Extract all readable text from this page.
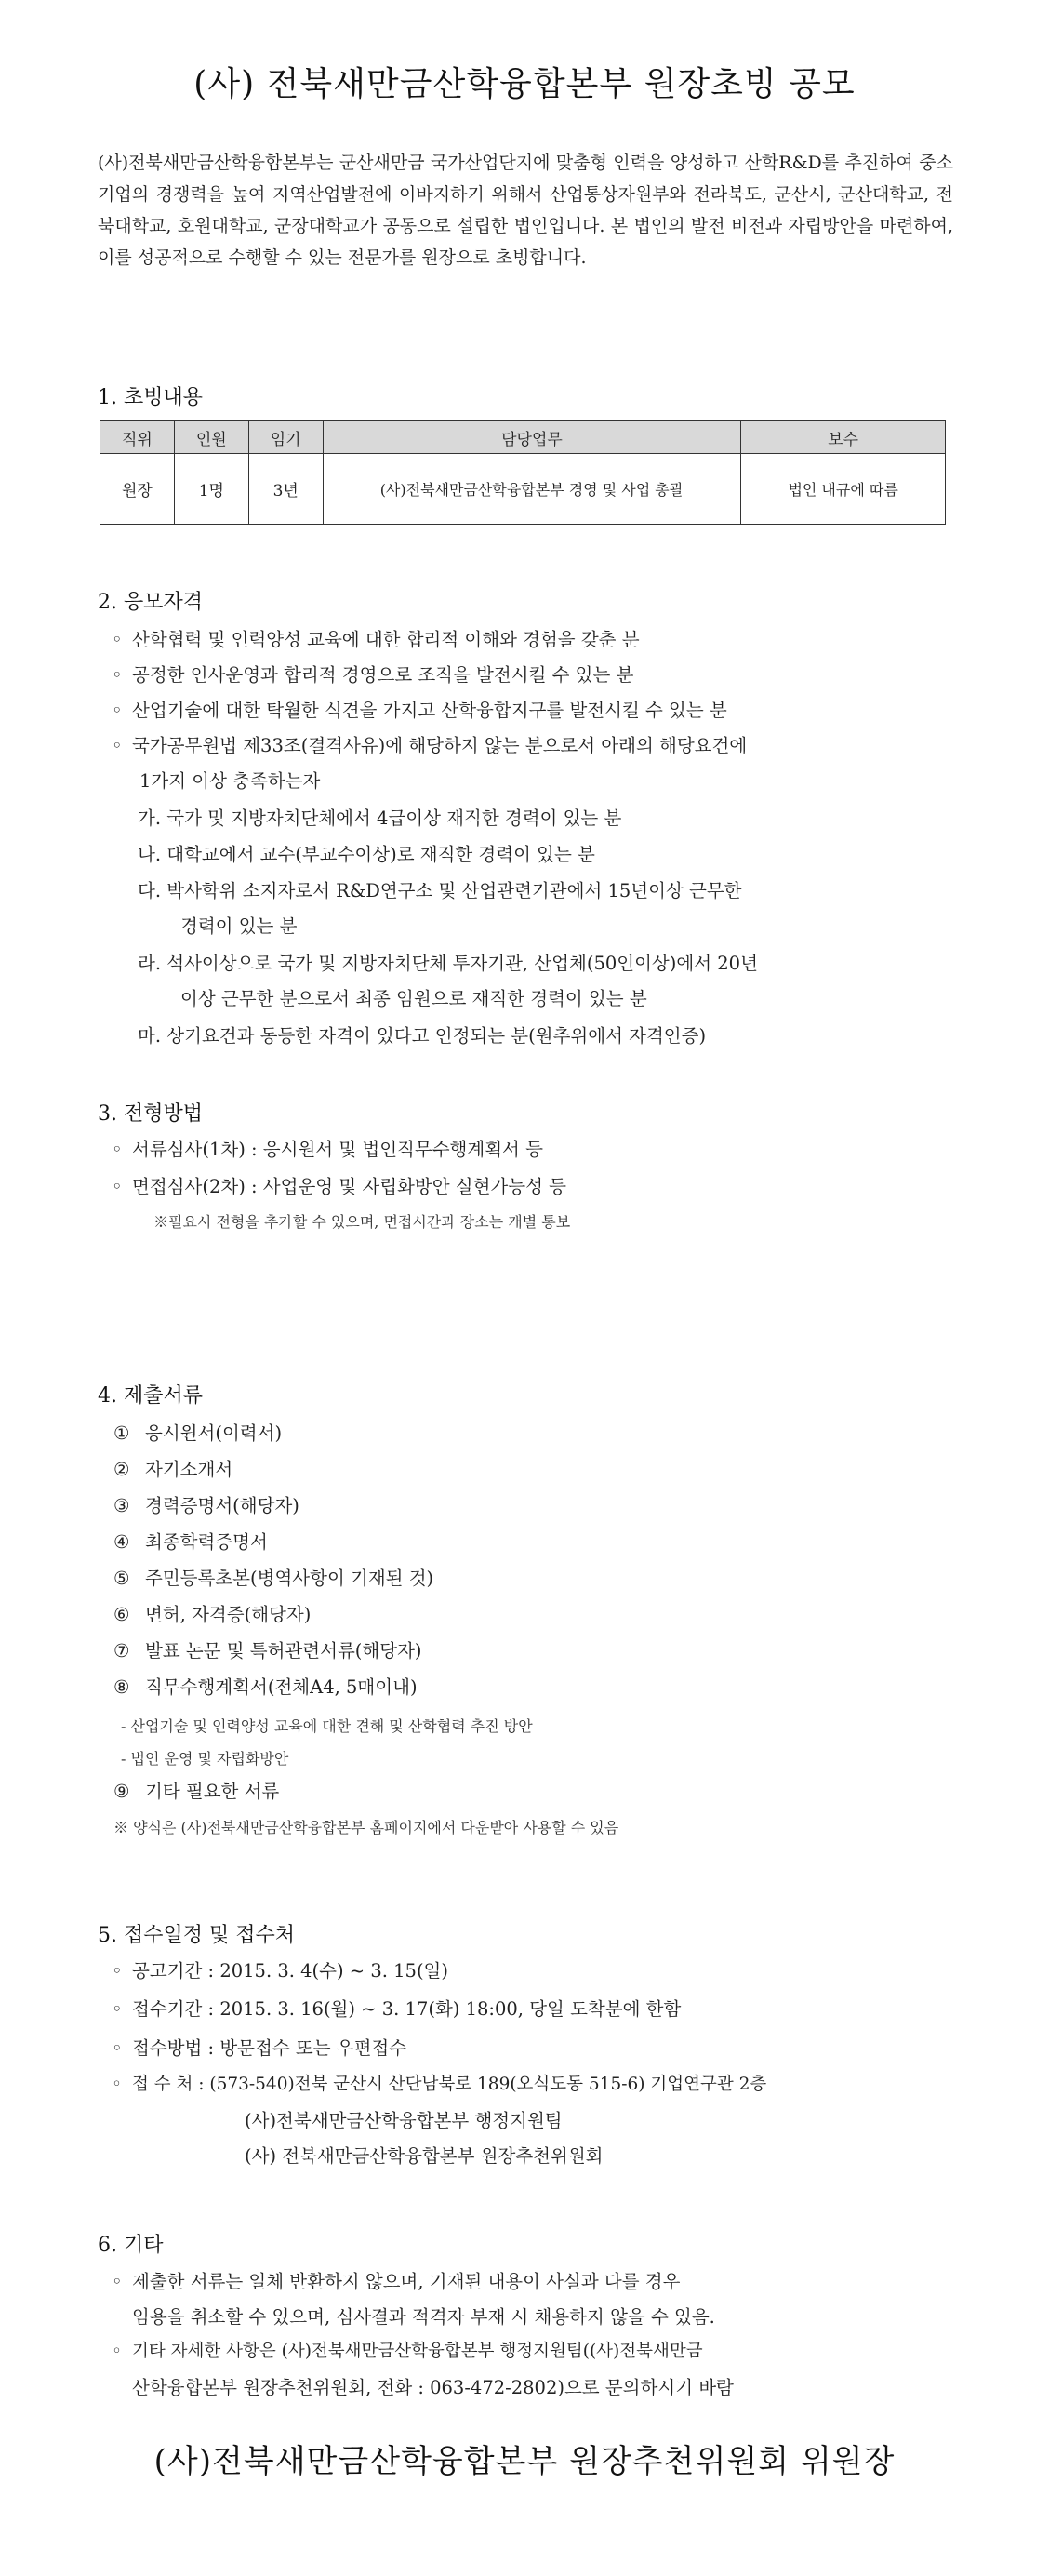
(사) 전북새만금산학융합본부 원장초빙 공모
(사)전북새만금산학융합본부는 군산새만금 국가산업단지에 맞춤형 인력을 양성하고 산학R&D를 추진하여 중소기업의 경쟁력을 높여 지역산업발전에 이바지하기 위해서 산업통상자원부와 전라북도, 군산시, 군산대학교, 전북대학교, 호원대학교, 군장대학교가 공동으로 설립한 법인입니다. 본 법인의 발전 비전과 자립방안을 마련하여, 이를 성공적으로 수행할 수 있는 전문가를 원장으로 초빙합니다.
1. 초빙내용
직위	인원	임기	담당업무	보수
원장	1명	3년	(사)전북새만금산학융합본부 경영 및 사업 총괄	법인 내규에 따름
2. 응모자격
◦ 산학협력 및 인력양성 교육에 대한 합리적 이해와 경험을 갖춘 분
◦ 공정한 인사운영과 합리적 경영으로 조직을 발전시킬 수 있는 분
◦ 산업기술에 대한 탁월한 식견을 가지고 산학융합지구를 발전시킬 수 있는 분
◦ 국가공무원법 제33조(결격사유)에 해당하지 않는 분으로서 아래의 해당요건에
1가지 이상 충족하는자
가. 국가 및 지방자치단체에서 4급이상 재직한 경력이 있는 분
나. 대학교에서 교수(부교수이상)로 재직한 경력이 있는 분
다. 박사학위 소지자로서 R&D연구소 및 산업관련기관에서 15년이상 근무한
경력이 있는 분
라. 석사이상으로 국가 및 지방자치단체 투자기관, 산업체(50인이상)에서 20년
이상 근무한 분으로서 최종 임원으로 재직한 경력이 있는 분
마. 상기요건과 동등한 자격이 있다고 인정되는 분(원추위에서 자격인증)
3. 전형방법
◦ 서류심사(1차) : 응시원서 및 법인직무수행계획서 등
◦ 면접심사(2차) : 사업운영 및 자립화방안 실현가능성 등
※필요시 전형을 추가할 수 있으며, 면접시간과 장소는 개별 통보
4. 제출서류
① 응시원서(이력서)
② 자기소개서
③ 경력증명서(해당자)
④ 최종학력증명서
⑤ 주민등록초본(병역사항이 기재된 것)
⑥ 면허, 자격증(해당자)
⑦ 발표 논문 및 특허관련서류(해당자)
⑧ 직무수행계획서(전체A4, 5매이내)
- 산업기술 및 인력양성 교육에 대한 견해 및 산학협력 추진 방안
- 법인 운영 및 자립화방안
⑨ 기타 필요한 서류
※ 양식은 (사)전북새만금산학융합본부 홈페이지에서 다운받아 사용할 수 있음
5. 접수일정 및 접수처
◦ 공고기간 : 2015. 3. 4(수) ~ 3. 15(일)
◦ 접수기간 : 2015. 3. 16(월) ~ 3. 17(화) 18:00, 당일 도착분에 한함
◦ 접수방법 : 방문접수 또는 우편접수
◦ 접 수 처 : (573-540)전북 군산시 산단남북로 189(오식도동 515-6) 기업연구관 2층
(사)전북새만금산학융합본부 행정지원팀
(사) 전북새만금산학융합본부 원장추천위원회
6. 기타
◦ 제출한 서류는 일체 반환하지 않으며, 기재된 내용이 사실과 다를 경우
임용을 취소할 수 있으며, 심사결과 적격자 부재 시 채용하지 않을 수 있음.
◦ 기타 자세한 사항은 (사)전북새만금산학융합본부 행정지원팀((사)전북새만금
산학융합본부 원장추천위원회, 전화 : 063-472-2802)으로 문의하시기 바람
(사)전북새만금산학융합본부 원장추천위원회 위원장
